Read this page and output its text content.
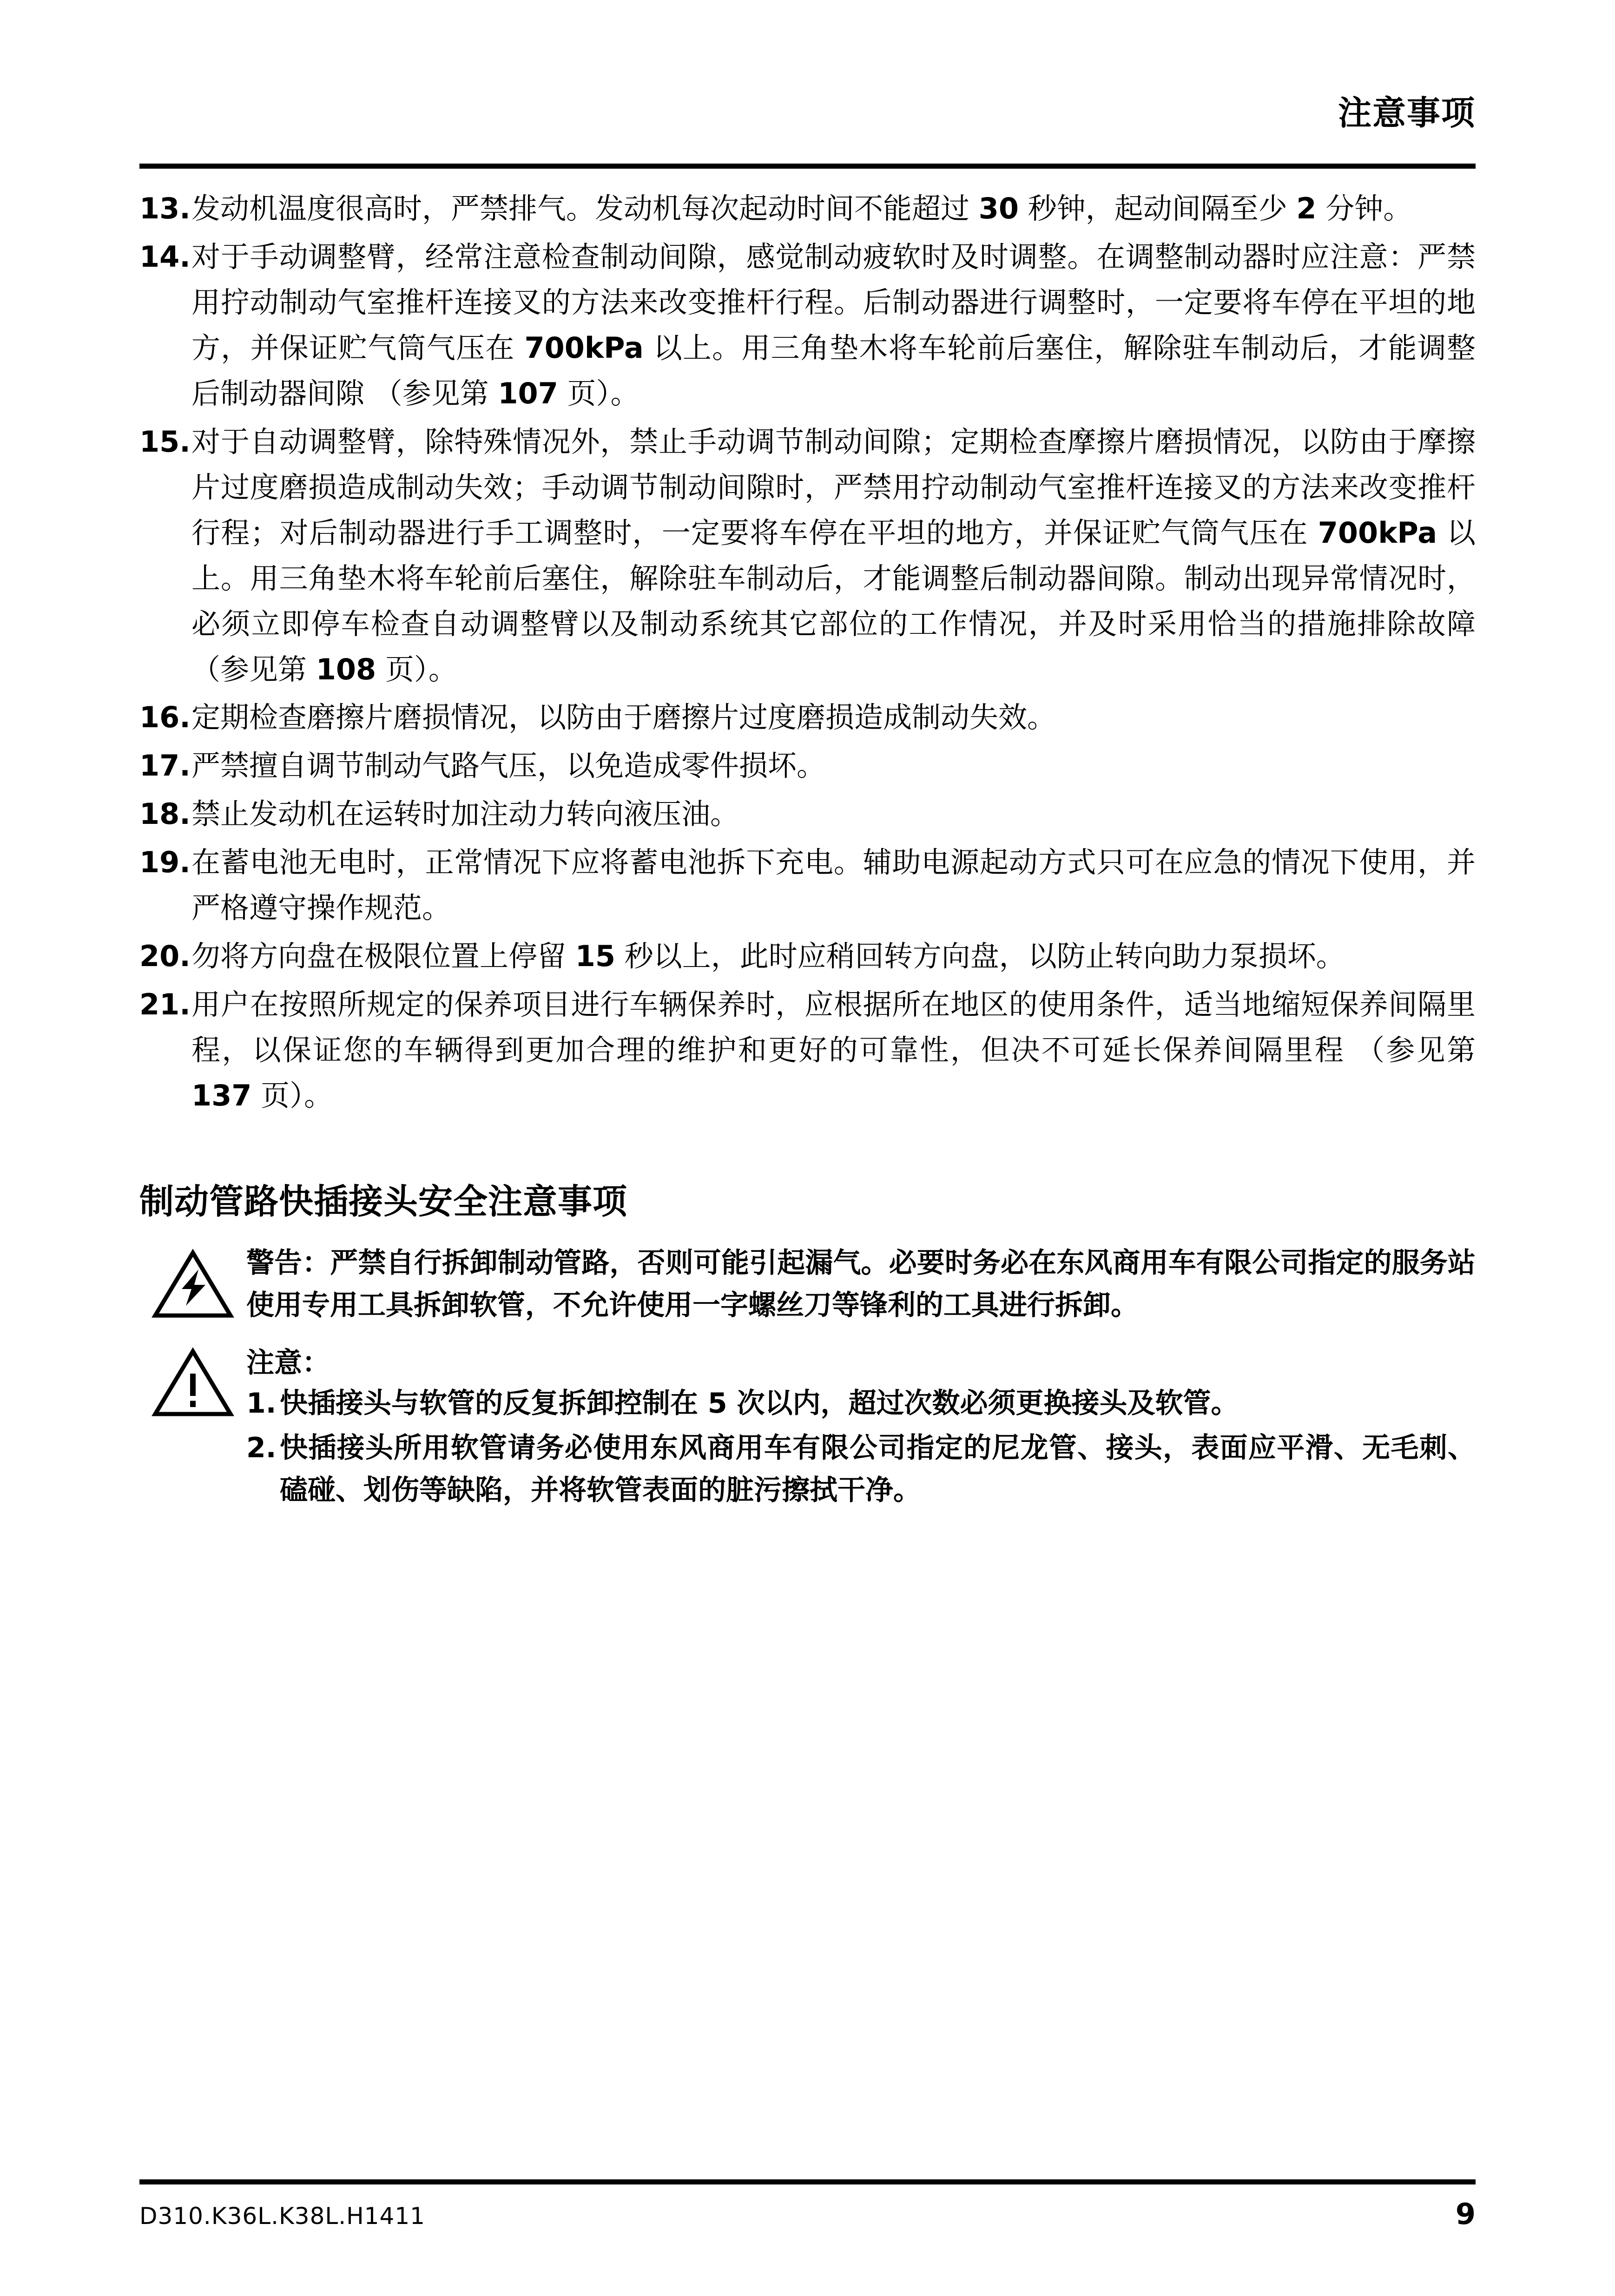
注意事项
13. 发动机温度很高时，严禁排气。发动机每次起动时间不能超过 30 秒钟，起动间隔至少 2 分钟。
14. 对于手动调整臂，经常注意检查制动间隙，感觉制动疲软时及时调整。在调整制动器时应注意：严禁用拧动制动气室推杆连接叉的方法来改变推杆行程。后制动器进行调整时，一定要将车停在平坦的地方，并保证贮气筒气压在 700kPa 以上。用三角垫木将车轮前后塞住，解除驻车制动后，才能调整后制动器间隙 （参见第 107 页）。
15. 对于自动调整臂，除特殊情况外，禁止手动调节制动间隙；定期检查摩擦片磨损情况，以防由于摩擦片过度磨损造成制动失效；手动调节制动间隙时，严禁用拧动制动气室推杆连接叉的方法来改变推杆行程；对后制动器进行手工调整时，一定要将车停在平坦的地方，并保证贮气筒气压在 700kPa 以上。用三角垫木将车轮前后塞住，解除驻车制动后，才能调整后制动器间隙。制动出现异常情况时，必须立即停车检查自动调整臂以及制动系统其它部位的工作情况，并及时采用恰当的措施排除故障 （参见第 108 页）。
16. 定期检查磨擦片磨损情况，以防由于磨擦片过度磨损造成制动失效。
17. 严禁擅自调节制动气路气压，以免造成零件损坏。
18. 禁止发动机在运转时加注动力转向液压油。
19. 在蓄电池无电时，正常情况下应将蓄电池拆下充电。辅助电源起动方式只可在应急的情况下使用，并严格遵守操作规范。
20. 勿将方向盘在极限位置上停留 15 秒以上，此时应稍回转方向盘，以防止转向助力泵损坏。
21. 用户在按照所规定的保养项目进行车辆保养时，应根据所在地区的使用条件，适当地缩短保养间隔里程，以保证您的车辆得到更加合理的维护和更好的可靠性，但决不可延长保养间隔里程 （参见第 137 页）。
制动管路快插接头安全注意事项
警告：严禁自行拆卸制动管路，否则可能引起漏气。必要时务必在东风商用车有限公司指定的服务站使用专用工具拆卸软管，不允许使用一字螺丝刀等锋利的工具进行拆卸。
注意：
1. 快插接头与软管的反复拆卸控制在 5 次以内，超过次数必须更换接头及软管。
2. 快插接头所用软管请务必使用东风商用车有限公司指定的尼龙管、接头，表面应平滑、无毛刺、磕碰、划伤等缺陷，并将软管表面的脏污擦拭干净。
D310.K36L.K38L.H1411	9
